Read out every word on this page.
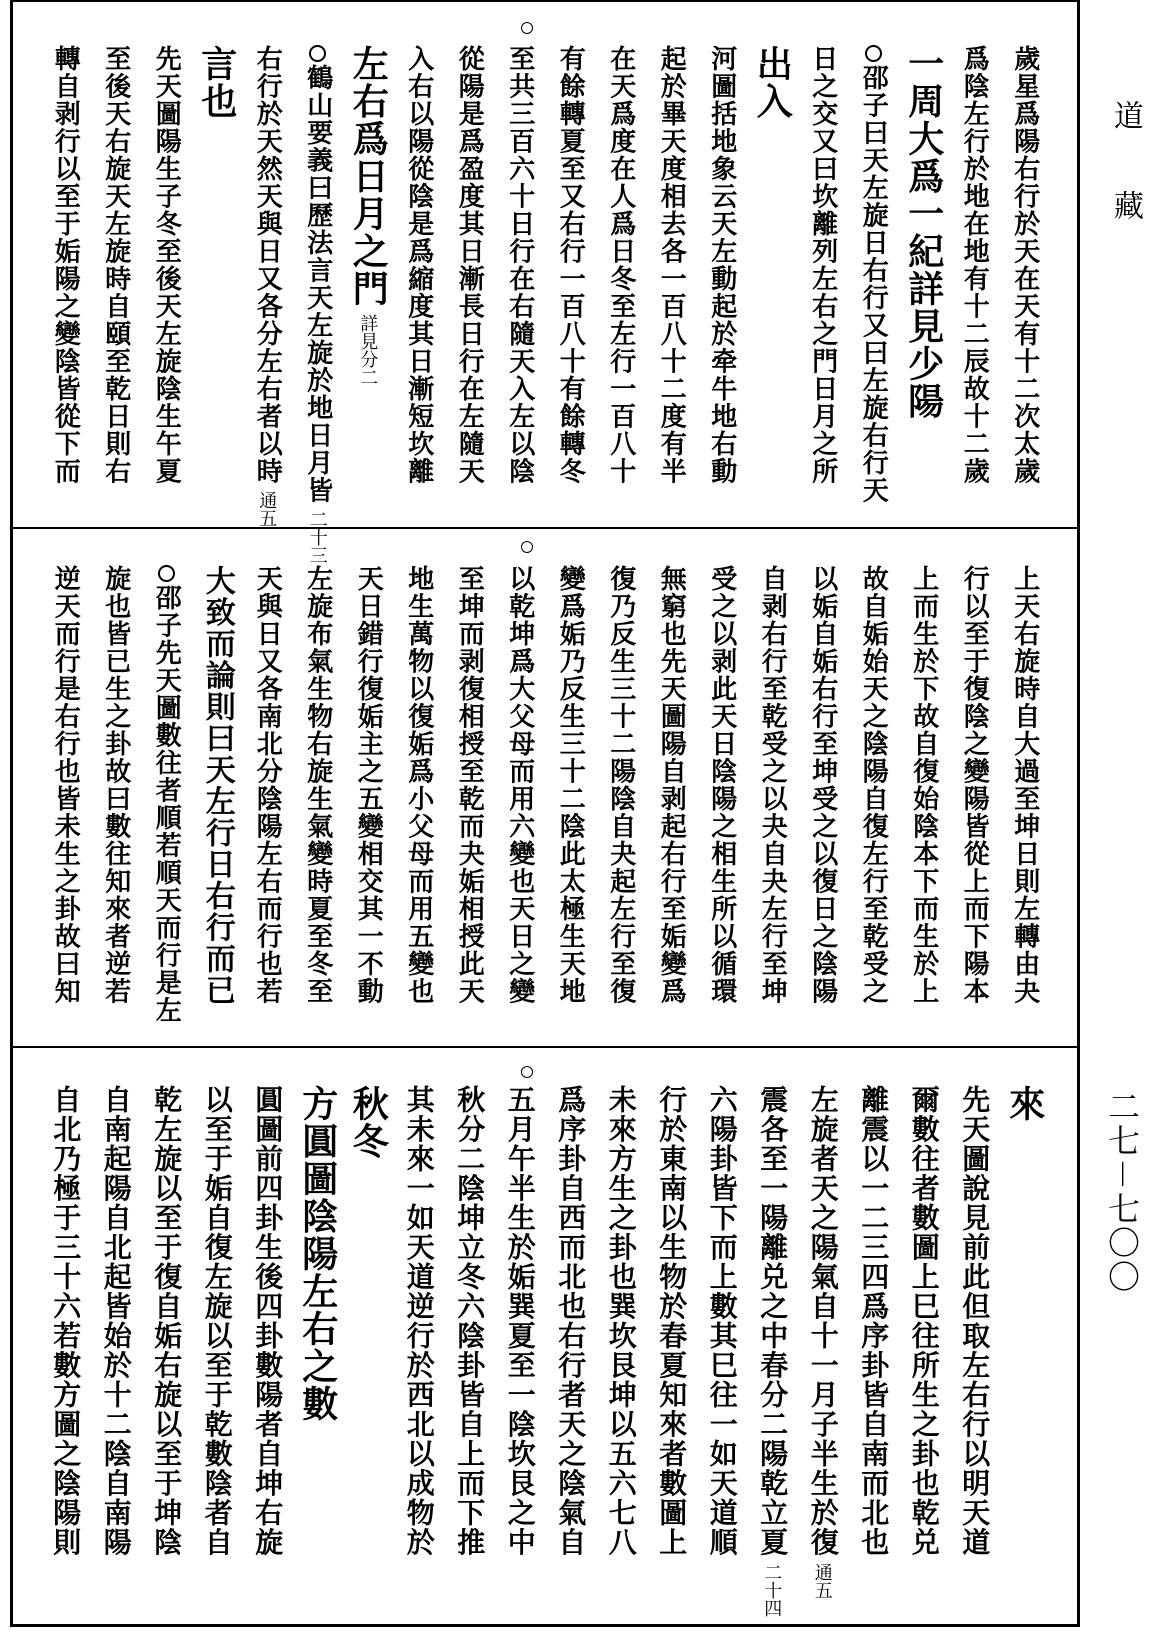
歲星爲陽右行於天在天有十二次太歲
爲陰左行於地在地有十二辰故十二歲
一周大爲一紀詳見少陽
邵子曰天左旋日右行又曰左旋右行天
日之交又曰坎離列左右之門日月之所
出入
河圖括地象云天左動起於牵牛地右動
起於畢天度相去各一百八十二度有半
在天爲度在人爲日冬至左行一百八十
有餘轉夏至又右行一百八十有餘轉冬
至共三百六十日行在右隨天入左以陰
從陽是爲盈度其日漸長日行在左隨天
入右以陽從陰是爲縮度其日漸短坎離
左右爲日月之門
詳見分二
鶴山要義曰歷法言天左旋於地日月皆
二十三
右行於天然天與日又各分左右者以時
通五
言也
先天圖陽生子冬至後天左旋陰生午夏
至後天右旋天左旋時自頤至乾日則右
轉自剥行以至于姤陽之變陰皆從下而
上天右旋時自大過至坤日則左轉由夬
行以至于復陰之變陽皆從上而下陽本
上而生於下故自復始陰本下而生於上
故自姤始天之陰陽自復左行至乾受之
以姤自姤右行至坤受之以復日之陰陽
自剥右行至乾受之以夬自夬左行至坤
受之以剥此天日陰陽之相生所以循環
無窮也先天圖陽自剥起右行至姤變爲
復乃反生三十二陽陰自夬起左行至復
變爲姤乃反生三十二陰此太極生天地
以乾坤爲大父母而用六變也天日之變
至坤而剥復相授至乾而夬姤相授此天
地生萬物以復姤爲小父母而用五變也
天日錯行復姤主之五變相交其一不動
左旋布氣生物右旋生氣變時夏至冬至
天與日又各南北分陰陽左右而行也若
大致而論則曰天左行日右行而已
邵子先天圖數往者順若順天而行是左
旋也皆已生之卦故曰數往知來者逆若
逆天而行是右行也皆未生之卦故曰知
來
先天圖說見前此但取左右行以明天道
爾數往者數圖上巳往所生之卦也乾兑
離震以一二三四爲序卦皆自南而北也
左旋者天之陽氣自十一月子半生於復
通五
震各至一陽離兑之中春分二陽乾立夏
二十四
六陽卦皆下而上數其巳往一如天道順
行於東南以生物於春夏知來者數圖上
未來方生之卦也巽坎艮坤以五六七八
爲序卦自西而北也右行者天之陰氣自
五月午半生於姤巽夏至一陰坎艮之中
秋分二陰坤立冬六陰卦皆自上而下推
其未來一如天道逆行於西北以成物於
秋冬
方圓圖陰陽左右之數
圓圖前四卦生後四卦數陽者自坤右旋
以至于姤自復左旋以至于乾數陰者自
乾左旋以至于復自姤右旋以至于坤陰
自南起陽自北起皆始於十二陰自南陽
自北乃極于三十六若數方圖之陰陽則
道　　藏
二七－七〇〇
